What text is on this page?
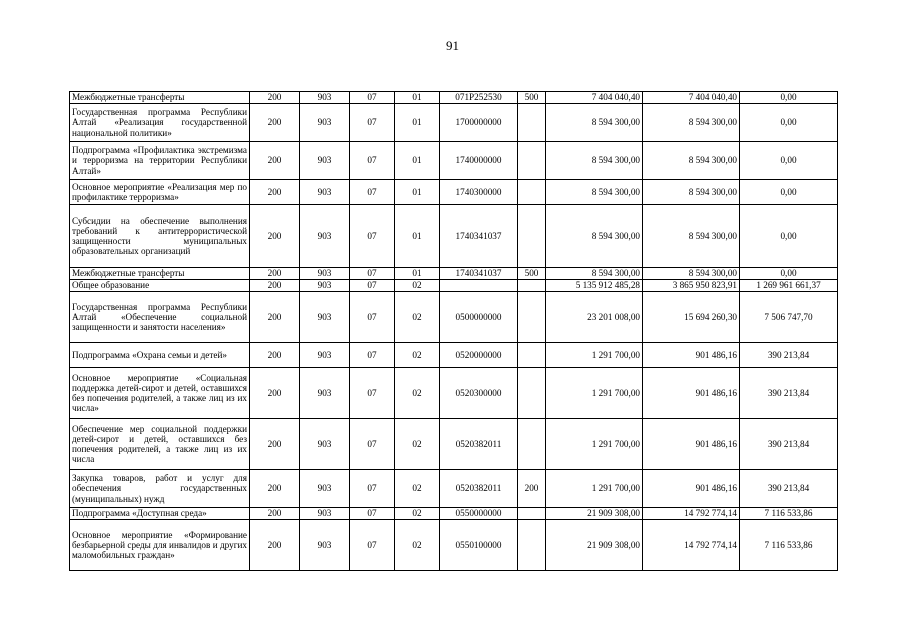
91
Межбюджетные трансферты	200	903	07	01	071P252530	500	7 404 040,40	7 404 040,40	0,00
Государственная программа Республики Алтай «Реализация государственной национальной политики»	200	903	07	01	1700000000		8 594 300,00	8 594 300,00	0,00
Подпрограмма «Профилактика экстремизма и терроризма на территории Республики Алтай»	200	903	07	01	1740000000		8 594 300,00	8 594 300,00	0,00
Основное мероприятие «Реализация мер по профилактике терроризма»	200	903	07	01	1740300000		8 594 300,00	8 594 300,00	0,00
Субсидии на обеспечение выполнения требований к антитеррористической защищенности муниципальных образовательных организаций	200	903	07	01	1740341037		8 594 300,00	8 594 300,00	0,00
Межбюджетные трансферты	200	903	07	01	1740341037	500	8 594 300,00	8 594 300,00	0,00
Общее образование	200	903	07	02			5 135 912 485,28	3 865 950 823,91	1 269 961 661,37
Государственная программа Республики Алтай «Обеспечение социальной защищенности и занятости населения»	200	903	07	02	0500000000		23 201 008,00	15 694 260,30	7 506 747,70
Подпрограмма «Охрана семьи и детей»	200	903	07	02	0520000000		1 291 700,00	901 486,16	390 213,84
Основное мероприятие «Социальная поддержка детей-сирот и детей, оставшихся без попечения родителей, а также лиц из их числа»	200	903	07	02	0520300000		1 291 700,00	901 486,16	390 213,84
Обеспечение мер социальной поддержки детей-сирот и детей, оставшихся без попечения родителей, а также лиц из их числа	200	903	07	02	0520382011		1 291 700,00	901 486,16	390 213,84
Закупка товаров, работ и услуг для обеспечения государственных (муниципальных) нужд	200	903	07	02	0520382011	200	1 291 700,00	901 486,16	390 213,84
Подпрограмма «Доступная среда»	200	903	07	02	0550000000		21 909 308,00	14 792 774,14	7 116 533,86
Основное мероприятие «Формирование безбарьерной среды для инвалидов и других маломобильных граждан»	200	903	07	02	0550100000		21 909 308,00	14 792 774,14	7 116 533,86
